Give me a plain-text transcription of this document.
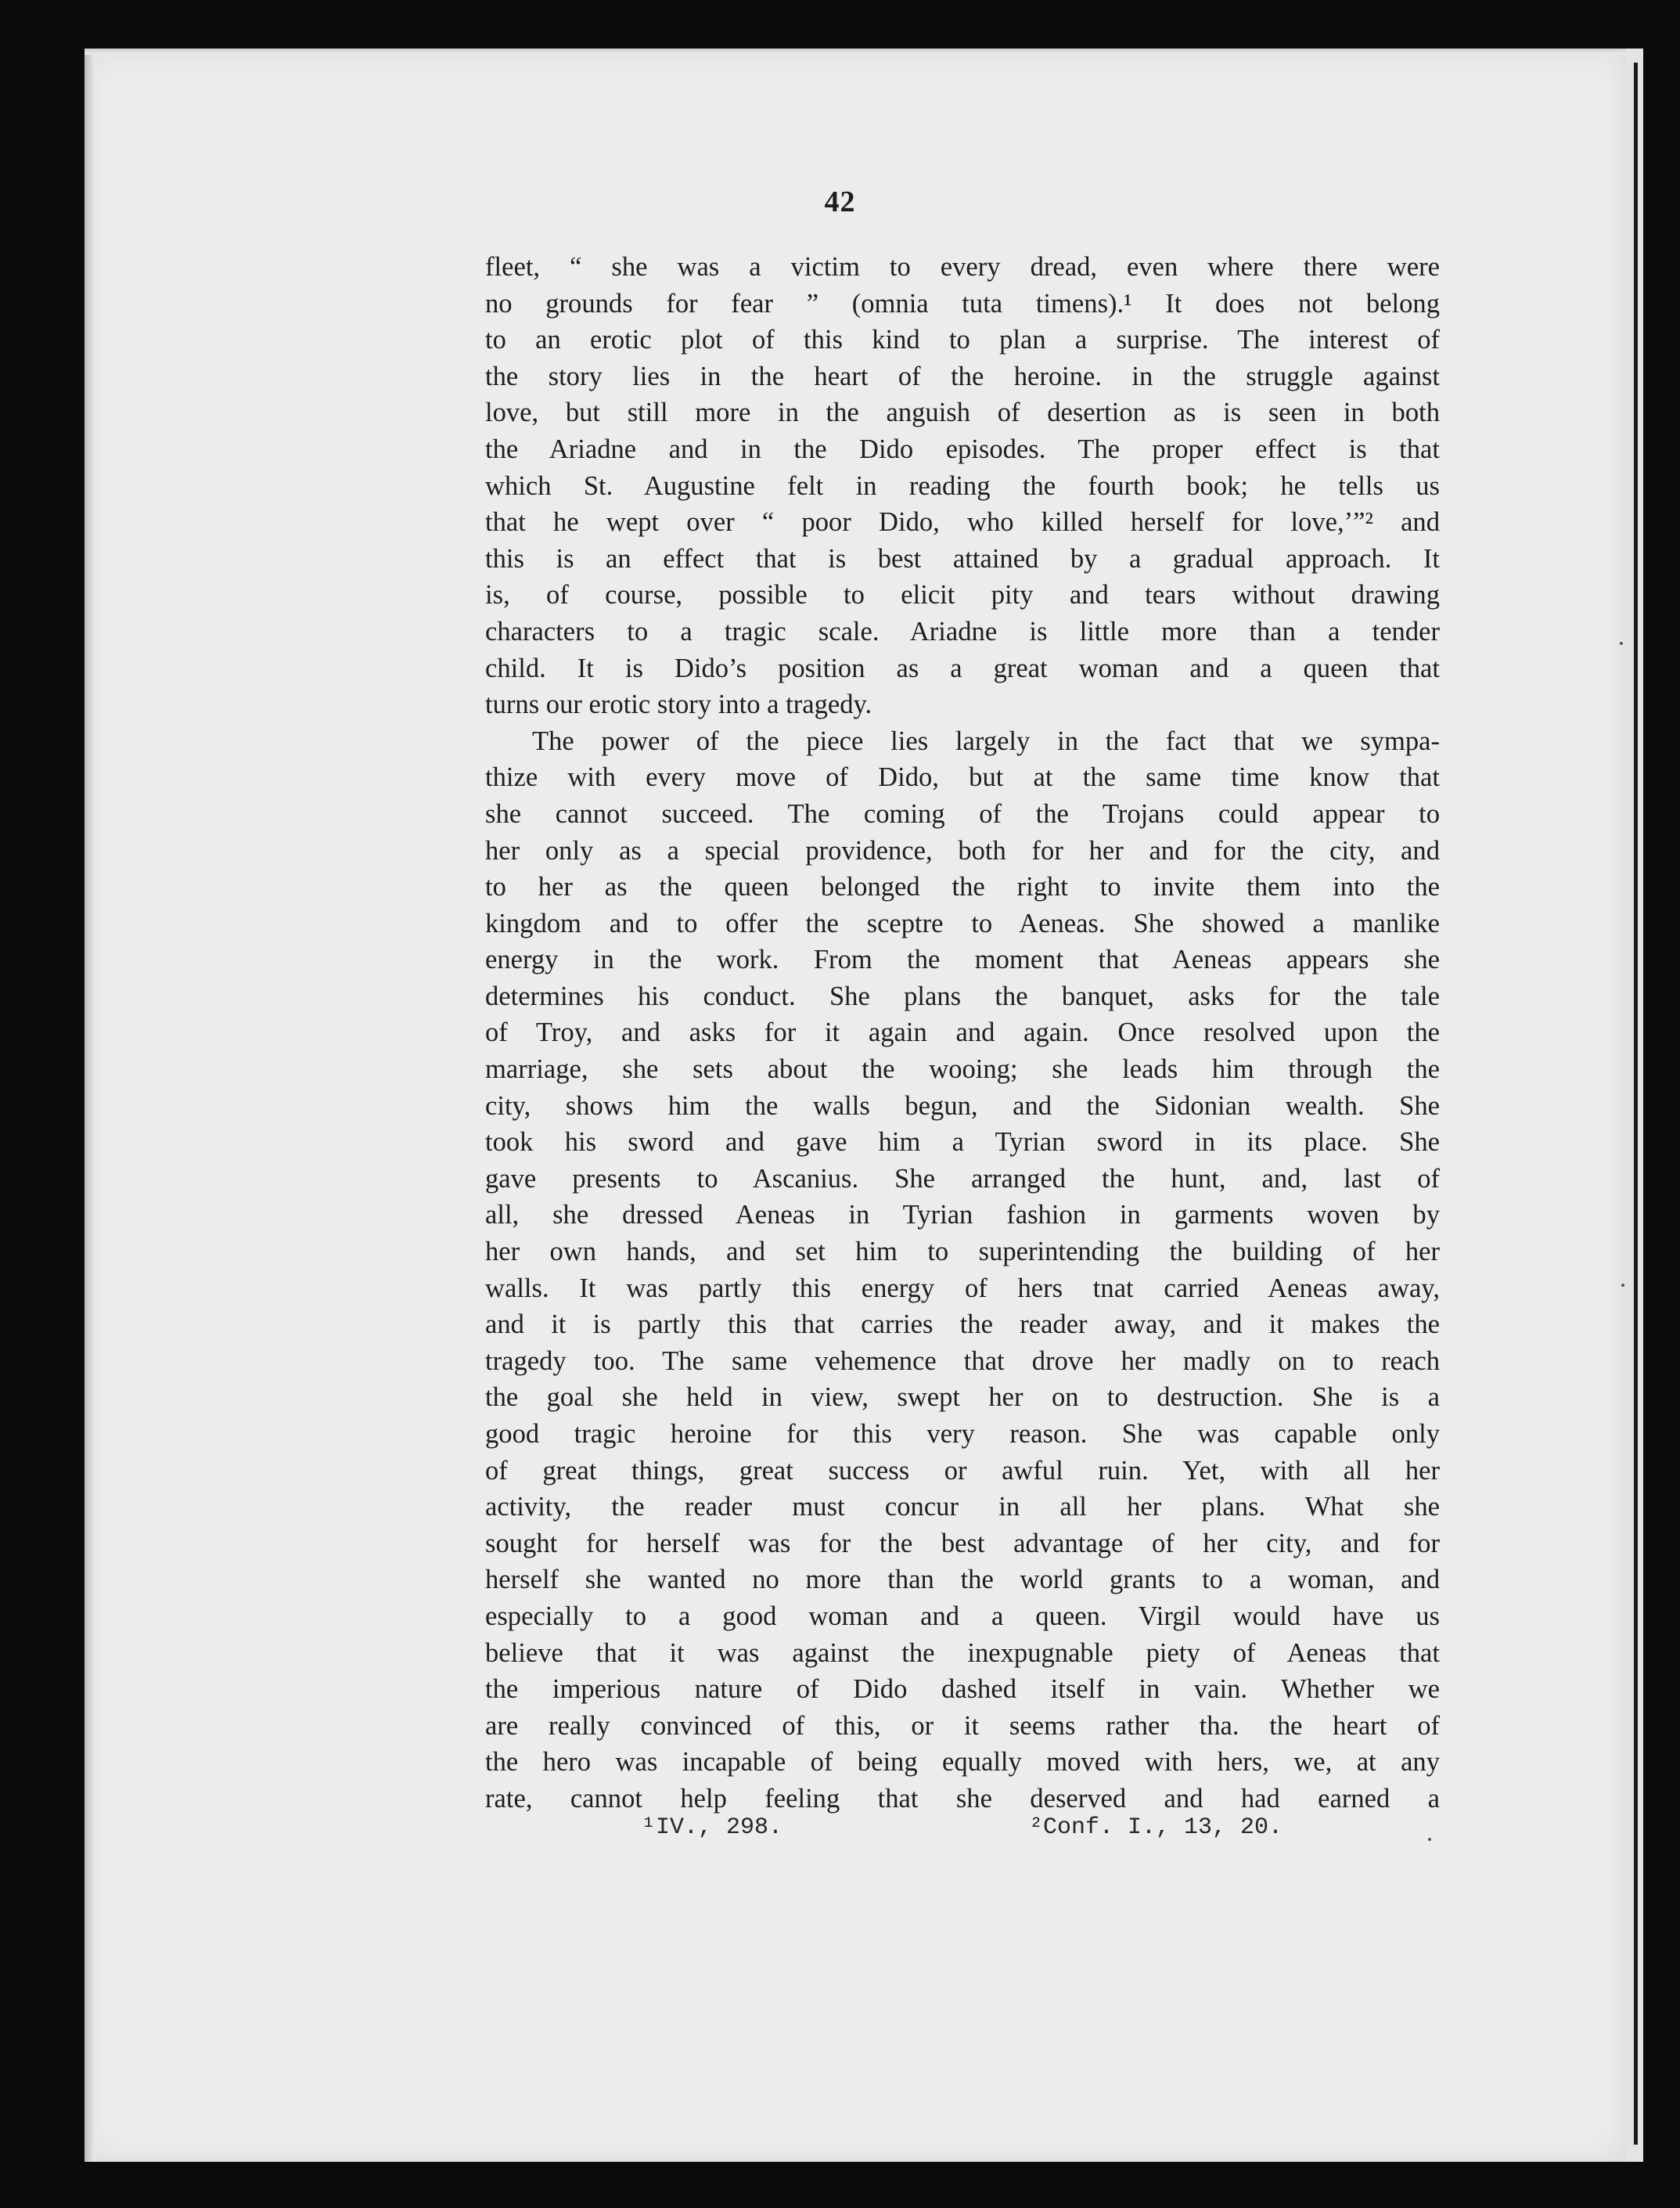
42
fleet, “ she was a victim to every dread, even where there were
no grounds for fear ” (omnia tuta timens).¹ It does not belong
to an erotic plot of this kind to plan a surprise. The interest of
the story lies in the heart of the heroine. in the struggle against
love, but still more in the anguish of desertion as is seen in both
the Ariadne and in the Dido episodes. The proper effect is that
which St. Augustine felt in reading the fourth book; he tells us
that he wept over “ poor Dido, who killed herself for love,’”² and
this is an effect that is best attained by a gradual approach. It
is, of course, possible to elicit pity and tears without drawing
characters to a tragic scale. Ariadne is little more than a tender
child. It is Dido’s position as a great woman and a queen that
turns our erotic story into a tragedy.
The power of the piece lies largely in the fact that we sympa-
thize with every move of Dido, but at the same time know that
she cannot succeed. The coming of the Trojans could appear to
her only as a special providence, both for her and for the city, and
to her as the queen belonged the right to invite them into the
kingdom and to offer the sceptre to Aeneas. She showed a manlike
energy in the work. From the moment that Aeneas appears she
determines his conduct. She plans the banquet, asks for the tale
of Troy, and asks for it again and again. Once resolved upon the
marriage, she sets about the wooing; she leads him through the
city, shows him the walls begun, and the Sidonian wealth. She
took his sword and gave him a Tyrian sword in its place. She
gave presents to Ascanius. She arranged the hunt, and, last of
all, she dressed Aeneas in Tyrian fashion in garments woven by
her own hands, and set him to superintending the building of her
walls. It was partly this energy of hers tnat carried Aeneas away,
and it is partly this that carries the reader away, and it makes the
tragedy too. The same vehemence that drove her madly on to reach
the goal she held in view, swept her on to destruction. She is a
good tragic heroine for this very reason. She was capable only
of great things, great success or awful ruin. Yet, with all her
activity, the reader must concur in all her plans. What she
sought for herself was for the best advantage of her city, and for
herself she wanted no more than the world grants to a woman, and
especially to a good woman and a queen. Virgil would have us
believe that it was against the inexpugnable piety of Aeneas that
the imperious nature of Dido dashed itself in vain. Whether we
are really convinced of this, or it seems rather tha. the heart of
the hero was incapable of being equally moved with hers, we, at any
rate, cannot help feeling that she deserved and had earned a
¹IV., 298.	²Conf. I., 13, 20.
